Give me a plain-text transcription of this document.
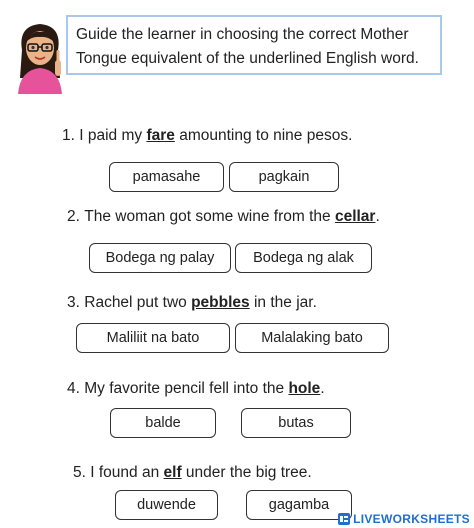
Guide the learner in choosing the correct Mother
Tongue equivalent of the underlined English word.
1. I paid my fare amounting to nine pesos.
pamasahe	pagkain
2. The woman got some wine from the cellar.
Bodega ng palay	Bodega ng alak
3. Rachel put two pebbles in the jar.
Maliliit na bato	Malalaking bato
4. My favorite pencil fell into the hole.
balde	butas
5. I found an elf under the big tree.
duwende	gagamba
LIVEWORKSHEETS
